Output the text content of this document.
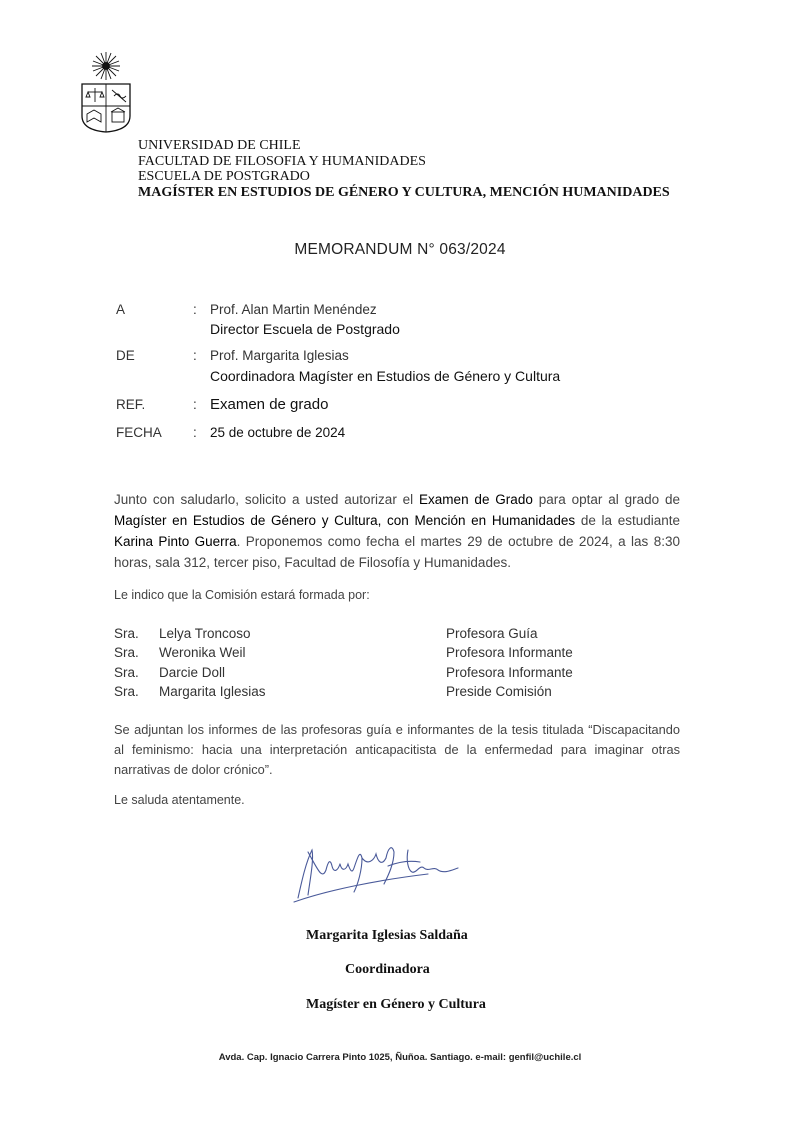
UNIVERSIDAD DE CHILE
FACULTAD DE FILOSOFIA Y HUMANIDADES
ESCUELA DE POSTGRADO
MAGÍSTER EN ESTUDIOS DE GÉNERO Y CULTURA, MENCIÓN HUMANIDADES
MEMORANDUM N° 063/2024
A	: Prof. Alan Martin Menéndez
Director Escuela de Postgrado
DE	: Prof. Margarita Iglesias
Coordinadora Magíster en Estudios de Género y Cultura
REF.	: Examen de grado
FECHA : 25 de octubre de 2024
Junto con saludarlo, solicito a usted autorizar el Examen de Grado para optar al grado de Magíster en Estudios de Género y Cultura, con Mención en Humanidades de la estudiante Karina Pinto Guerra. Proponemos como fecha el martes 29 de octubre de 2024, a las 8:30 horas, sala 312, tercer piso, Facultad de Filosofía y Humanidades.
Le indico que la Comisión estará formada por:
Sra. Lelya Troncoso	Profesora Guía
Sra. Weronika Weil	Profesora Informante
Sra. Darcie Doll	Profesora Informante
Sra. Margarita Iglesias	Preside Comisión
Se adjuntan los informes de las profesoras guía e informantes de la tesis titulada “Discapacitando al feminismo: hacia una interpretación anticapacitista de la enfermedad para imaginar otras narrativas de dolor crónico”.
Le saluda atentamente.
Margarita Iglesias Saldaña
Coordinadora
Magíster en Género y Cultura
Avda. Cap. Ignacio Carrera Pinto 1025, Ñuñoa. Santiago. e-mail: genfil@uchile.cl
